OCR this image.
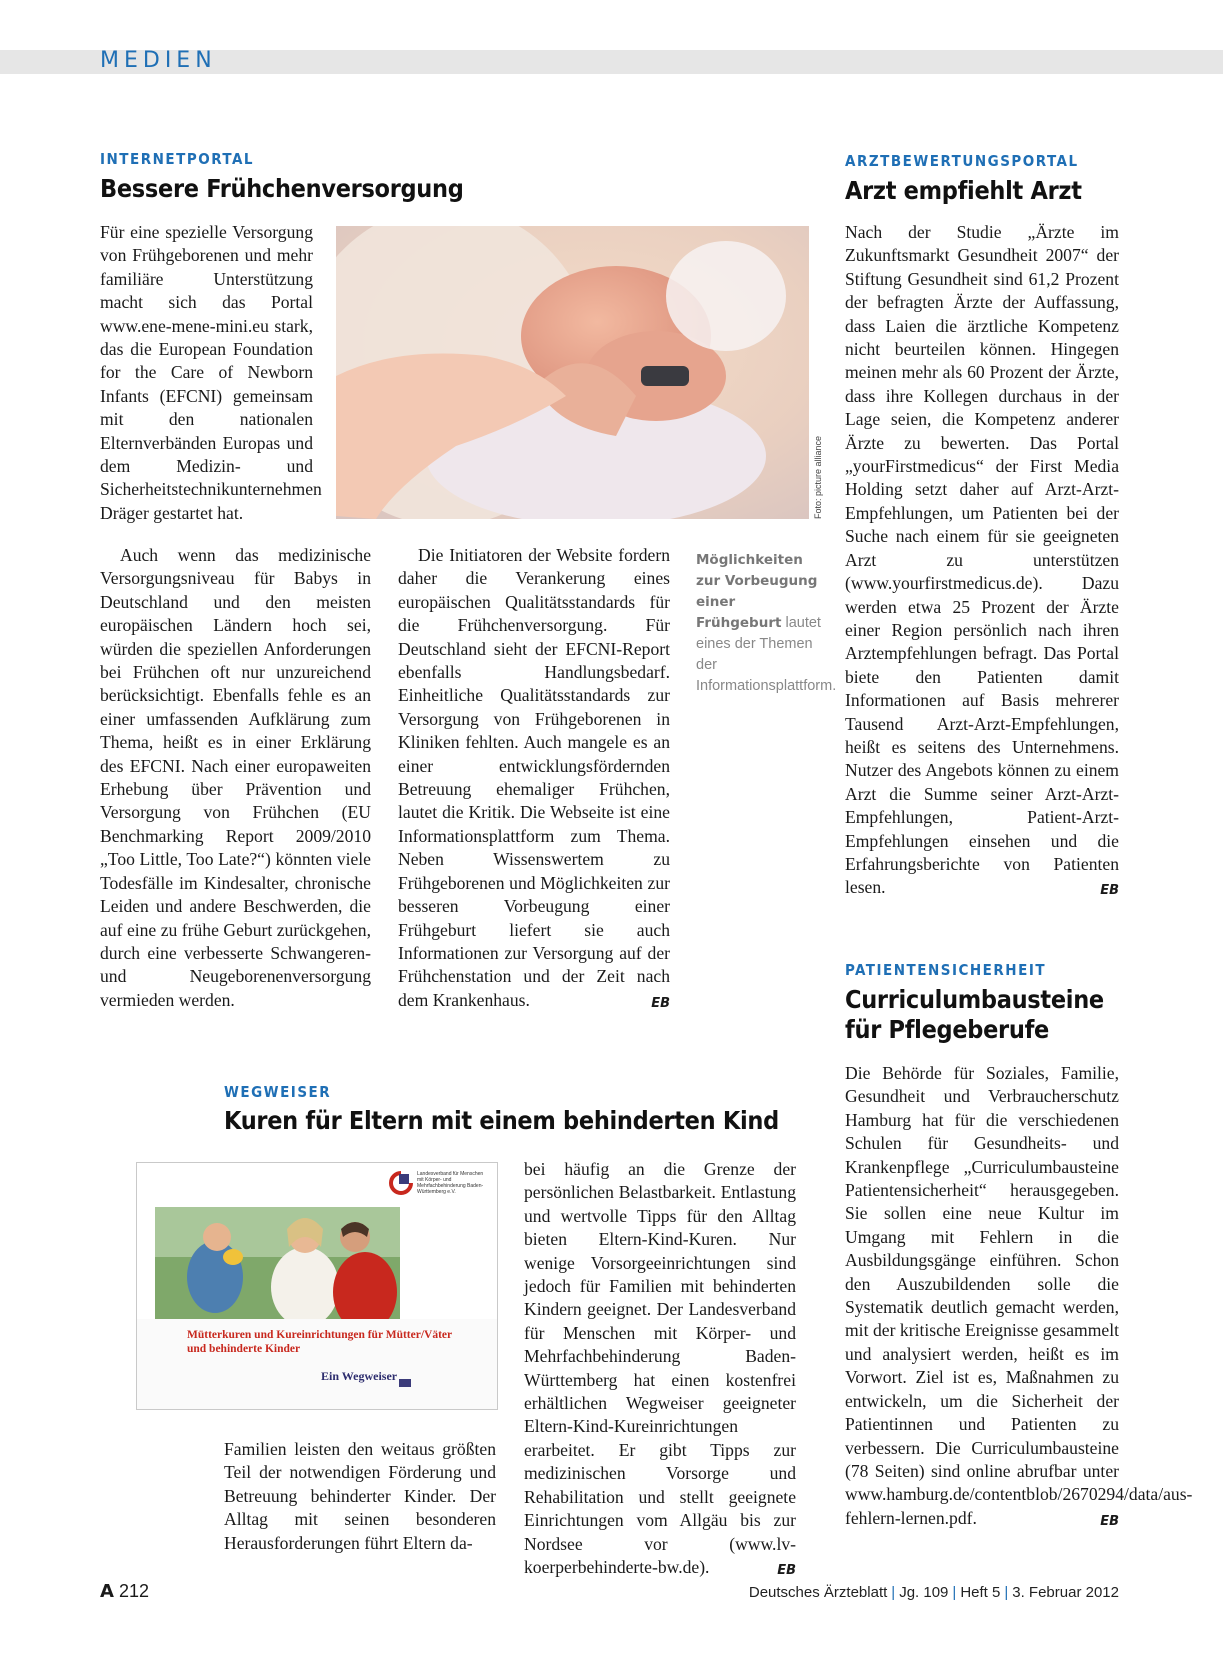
MEDIEN
INTERNETPORTAL
Bessere Frühchenversorgung

Für eine spezielle Versorgung von Frühgeborenen und mehr familiäre Unterstützung macht sich das Portal www.ene-mene-mini.eu stark, das die European Foundation for the Care of Newborn Infants (EFCNI) gemeinsam mit den nationalen Elternverbänden Europas und dem Medizin- und Sicherheitstechnikunternehmen Dräger gestartet hat.	Foto: picture alliance

Auch wenn das medizinische Versorgungsniveau für Babys in Deutschland und den meisten europäischen Ländern hoch sei, würden die speziellen Anforderungen bei Frühchen oft nur unzureichend berücksichtigt. Ebenfalls fehle es an einer umfassenden Aufklärung zum Thema, heißt es in einer Erklärung des EFCNI. Nach einer europaweiten Erhebung über Prävention und Versorgung von Frühchen (EU Benchmarking Report 2009/2010 „Too Little, Too Late?“) könnten viele Todesfälle im Kindesalter, chronische Leiden und andere Beschwerden, die auf eine zu frühe Geburt zurückgehen, durch eine verbesserte Schwangeren- und Neugeborenenversorgung vermieden werden.

Die Initiatoren der Website fordern daher die Verankerung eines europäischen Qualitätsstandards für die Frühchenversorgung. Für Deutschland sieht der EFCNI-Report ebenfalls Handlungsbedarf. Einheitliche Qualitätsstandards zur Versorgung von Frühgeborenen in Kliniken fehlten. Auch mangele es an einer entwicklungsfördernden Betreuung ehemaliger Frühchen, lautet die Kritik. Die Webseite ist eine Informationsplattform zum Thema. Neben Wissenswertem zu Frühgeborenen und Möglichkeiten zur besseren Vorbeugung einer Frühgeburt liefert sie auch Informationen zur Versorgung auf der Frühchenstation und der Zeit nach dem Krankenhaus.	EB

Möglichkeiten zur Vorbeugung einer Frühgeburt lautet eines der Themen der Informationsplattform.
ARZTBEWERTUNGSPORTAL
Arzt empfiehlt Arzt

Nach der Studie „Ärzte im Zukunftsmarkt Gesundheit 2007“ der Stiftung Gesundheit sind 61,2 Prozent der befragten Ärzte der Auffassung, dass Laien die ärztliche Kompetenz nicht beurteilen können. Hingegen meinen mehr als 60 Prozent der Ärzte, dass ihre Kollegen durchaus in der Lage seien, die Kompetenz anderer Ärzte zu bewerten. Das Portal „yourFirstmedicus“ der First Media Holding setzt daher auf Arzt-Arzt-Empfehlungen, um Patienten bei der Suche nach einem für sie geeigneten Arzt zu unterstützen (www.yourfirstmedicus.de). Dazu werden etwa 25 Prozent der Ärzte einer Region persönlich nach ihren Arztempfehlungen befragt. Das Portal biete den Patienten damit Informationen auf Basis mehrerer Tausend Arzt-Arzt-Empfehlungen, heißt es seitens des Unternehmens. Nutzer des Angebots können zu einem Arzt die Summe seiner Arzt-Arzt-Empfehlungen, Patient-Arzt-Empfehlungen einsehen und die Erfahrungsberichte von Patienten lesen.	EB

PATIENTENSICHERHEIT
Curriculumbausteine
für Pflegeberufe

Die Behörde für Soziales, Familie, Gesundheit und Verbraucherschutz Hamburg hat für die verschiedenen Schulen für Gesundheits- und Krankenpflege „Curriculumbausteine Patientensicherheit“ herausgegeben. Sie sollen eine neue Kultur im Umgang mit Fehlern in die Ausbildungsgänge einführen. Schon den Auszubildenden solle die Systematik deutlich gemacht werden, mit der kritische Ereignisse gesammelt und analysiert werden, heißt es im Vorwort. Ziel ist es, Maßnahmen zu entwickeln, um die Sicherheit der Patientinnen und Patienten zu verbessern. Die Curriculumbausteine (78 Seiten) sind online abrufbar unter www.hamburg.de/contentblob/2670294/data/aus-fehlern-lernen.pdf.	EB

WEGWEISER
Kuren für Eltern mit einem behinderten Kind
Landesverband für Menschen mit Körper- und Mehrfachbehinderung Baden-Württemberg e.V.
Mütterkuren und Kureinrichtungen für Mütter/Väter und behinderte Kinder
Ein Wegweiser

Familien leisten den weitaus größten Teil der notwendigen Förderung und Betreuung behinderter Kinder. Der Alltag mit seinen besonderen Herausforderungen führt Eltern da-

bei häufig an die Grenze der persönlichen Belastbarkeit. Entlastung und wertvolle Tipps für den Alltag bieten Eltern-Kind-Kuren. Nur wenige Vorsorgeeinrichtungen sind jedoch für Familien mit behinderten Kindern geeignet. Der Landesverband für Menschen mit Körper- und Mehrfachbehinderung Baden-Württemberg hat einen kostenfrei erhältlichen Wegweiser geeigneter Eltern-Kind-Kureinrichtungen erarbeitet. Er gibt Tipps zur medizinischen Vorsorge und Rehabilitation und stellt geeignete Einrichtungen vom Allgäu bis zur Nordsee vor (www.lv-koerperbehinderte-bw.de).	EB

A 212	Deutsches Ärzteblatt | Jg. 109 | Heft 5 | 3. Februar 2012
